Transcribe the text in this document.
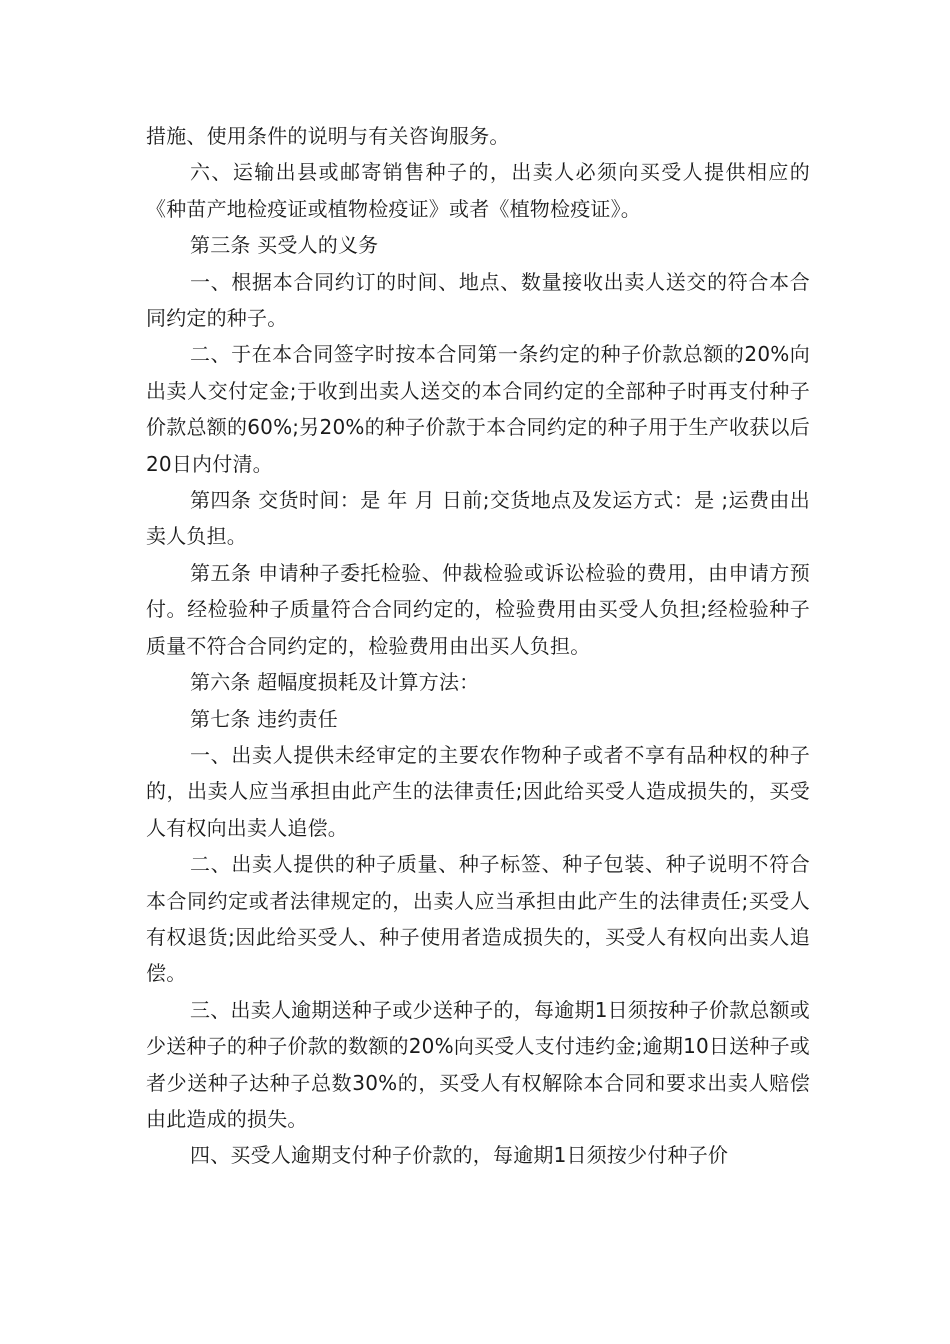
措施、使用条件的说明与有关咨询服务。

六、运输出县或邮寄销售种子的，出卖人必须向买受人提供相应的《种苗产地检疫证或植物检疫证》或者《植物检疫证》。

第三条 买受人的义务

一、根据本合同约订的时间、地点、数量接收出卖人送交的符合本合同约定的种子。

二、于在本合同签字时按本合同第一条约定的种子价款总额的20%向出卖人交付定金;于收到出卖人送交的本合同约定的全部种子时再支付种子价款总额的60%;另20%的种子价款于本合同约定的种子用于生产收获以后20日内付清。

第四条 交货时间：是 年 月 日前;交货地点及发运方式：是 ;运费由出卖人负担。

第五条 申请种子委托检验、仲裁检验或诉讼检验的费用，由申请方预付。经检验种子质量符合合同约定的，检验费用由买受人负担;经检验种子质量不符合合同约定的，检验费用由出买人负担。

第六条 超幅度损耗及计算方法：

第七条 违约责任

一、出卖人提供未经审定的主要农作物种子或者不享有品种权的种子的，出卖人应当承担由此产生的法律责任;因此给买受人造成损失的，买受人有权向出卖人追偿。

二、出卖人提供的种子质量、种子标签、种子包装、种子说明不符合本合同约定或者法律规定的，出卖人应当承担由此产生的法律责任;买受人有权退货;因此给买受人、种子使用者造成损失的，买受人有权向出卖人追偿。

三、出卖人逾期送种子或少送种子的，每逾期1日须按种子价款总额或少送种子的种子价款的数额的20%向买受人支付违约金;逾期10日送种子或者少送种子达种子总数30%的，买受人有权解除本合同和要求出卖人赔偿由此造成的损失。

四、买受人逾期支付种子价款的，每逾期1日须按少付种子价
